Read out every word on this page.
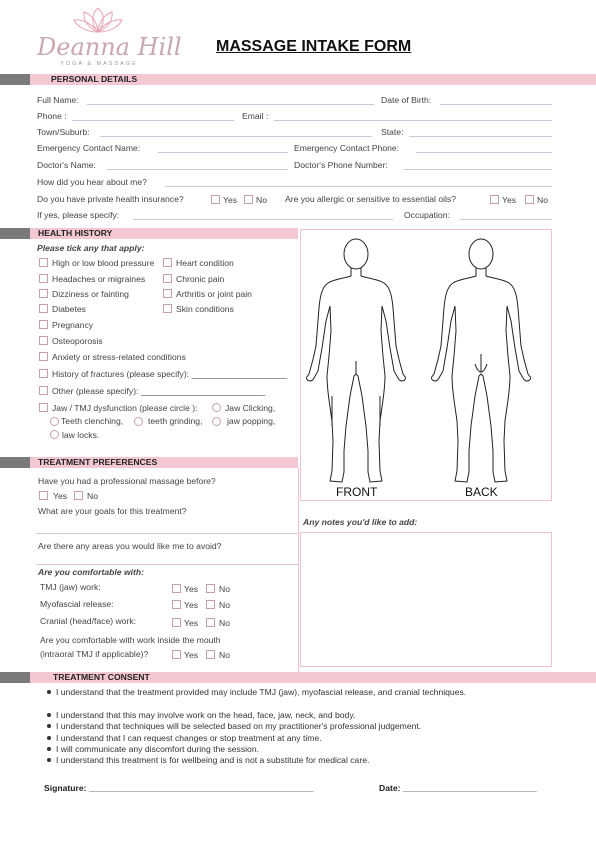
Deanna Hill
YOGA & MASSAGE
MASSAGE INTAKE FORM
PERSONAL DETAILS
Full Name:	Date of Birth:
Phone :	Email :
Town/Suburb:	State:
Emergency Contact Name:	Emergency Contact Phone:
Doctor's Name:	Doctor's Phone Number:
How did you hear about me?
Do you have private health insurance?	Yes No Are you allergic or sensitive to essential oils?	Yes No
If yes, please specify:	Occupation:
HEALTH HISTORY
Please tick any that apply:
High or low blood pressure
Headaches or migraines
Dizziness or fainting
Diabetes
Pregnancy
Osteoporosis
Anxiety or stress-related conditions
History of fractures (please specify): ____________________
Other (please specify): __________________________
Heart condition
Chronic pain
Arthritis or joint pain
Skin conditions
Jaw / TMJ dysfunction (please circle ):	Jaw Clicking,
Teeth clenching,	teeth grinding,	jaw popping,
law locks.
FRONT	BACK
Any notes you'd like to add:
TREATMENT PREFERENCES
Have you had a professional massage before?
Yes No
What are your goals for this treatment?
Are there any areas you would like me to avoid?
Are you comfortable with:
TMJ (jaw) work:	Yes No
Myofascial release:	Yes No
Cranial (head/face) work:	Yes No
Are you comfortable with work inside the mouth
(intraoral TMJ if applicable)?	Yes No
TREATMENT CONSENT
I understand that the treatment provided may include TMJ (jaw), myofascial release, and cranial techniques.
I understand that this may involve work on the head, face, jaw, neck, and body.
I understand that techniques will be selected based on my practitioner's professional judgement.
I understand that I can request changes or stop treatment at any time.
I will communicate any discomfort during the session.
I understand this treatment is for wellbeing and is not a substitute for medical care.
Signature: _______________________________________________	Date: ____________________________
